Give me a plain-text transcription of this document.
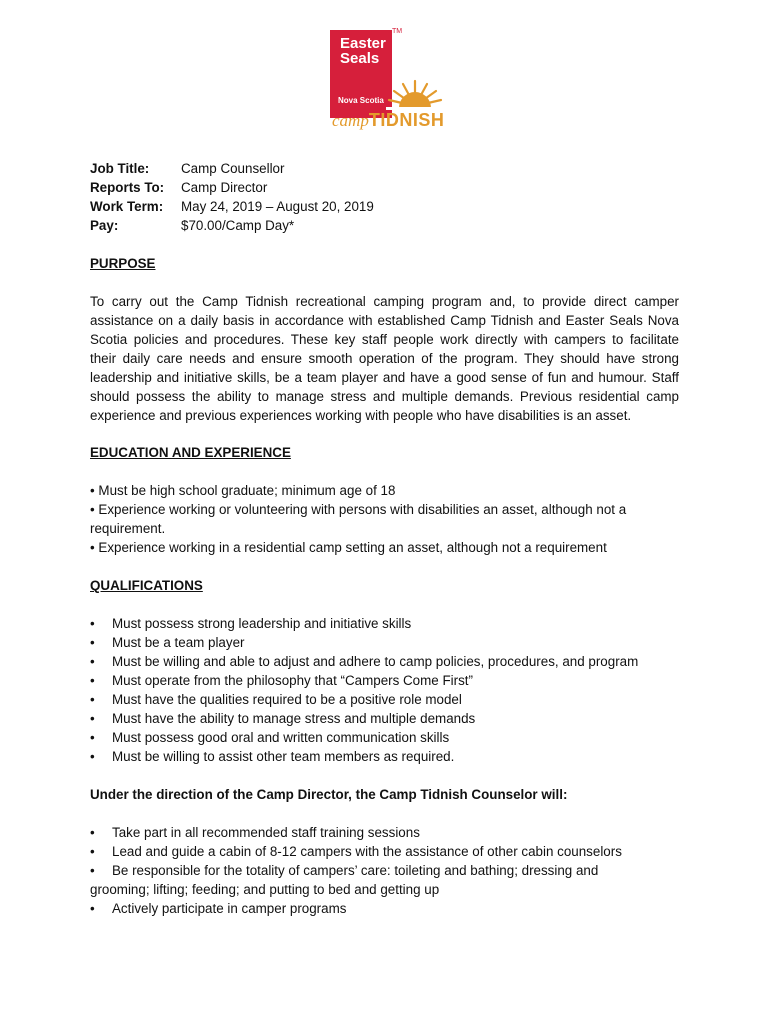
Easter
Seals
Nova Scotia
TM
campTIDNISH
Job Title: Camp Counsellor
Reports To: Camp Director
Work Term: May 24, 2019 – August 20, 2019
Pay:	$70.00/Camp Day*
PURPOSE
To carry out the Camp Tidnish recreational camping program and, to provide direct camper
assistance on a daily basis in accordance with established Camp Tidnish and Easter Seals Nova
Scotia policies and procedures. These key staff people work directly with campers to facilitate
their daily care needs and ensure smooth operation of the program. They should have strong
leadership and initiative skills, be a team player and have a good sense of fun and humour. Staff
should possess the ability to manage stress and multiple demands. Previous residential camp
experience and previous experiences working with people who have disabilities is an asset.
EDUCATION AND EXPERIENCE
• Must be high school graduate; minimum age of 18
• Experience working or volunteering with persons with disabilities an asset, although not a
requirement.
• Experience working in a residential camp setting an asset, although not a requirement
QUALIFICATIONS
• Must possess strong leadership and initiative skills
• Must be a team player
• Must be willing and able to adjust and adhere to camp policies, procedures, and program
• Must operate from the philosophy that “Campers Come First”
• Must have the qualities required to be a positive role model
• Must have the ability to manage stress and multiple demands
• Must possess good oral and written communication skills
• Must be willing to assist other team members as required.
Under the direction of the Camp Director, the Camp Tidnish Counselor will:
• Take part in all recommended staff training sessions
• Lead and guide a cabin of 8-12 campers with the assistance of other cabin counselors
• Be responsible for the totality of campers’ care: toileting and bathing; dressing and
grooming; lifting; feeding; and putting to bed and getting up
• Actively participate in camper programs
